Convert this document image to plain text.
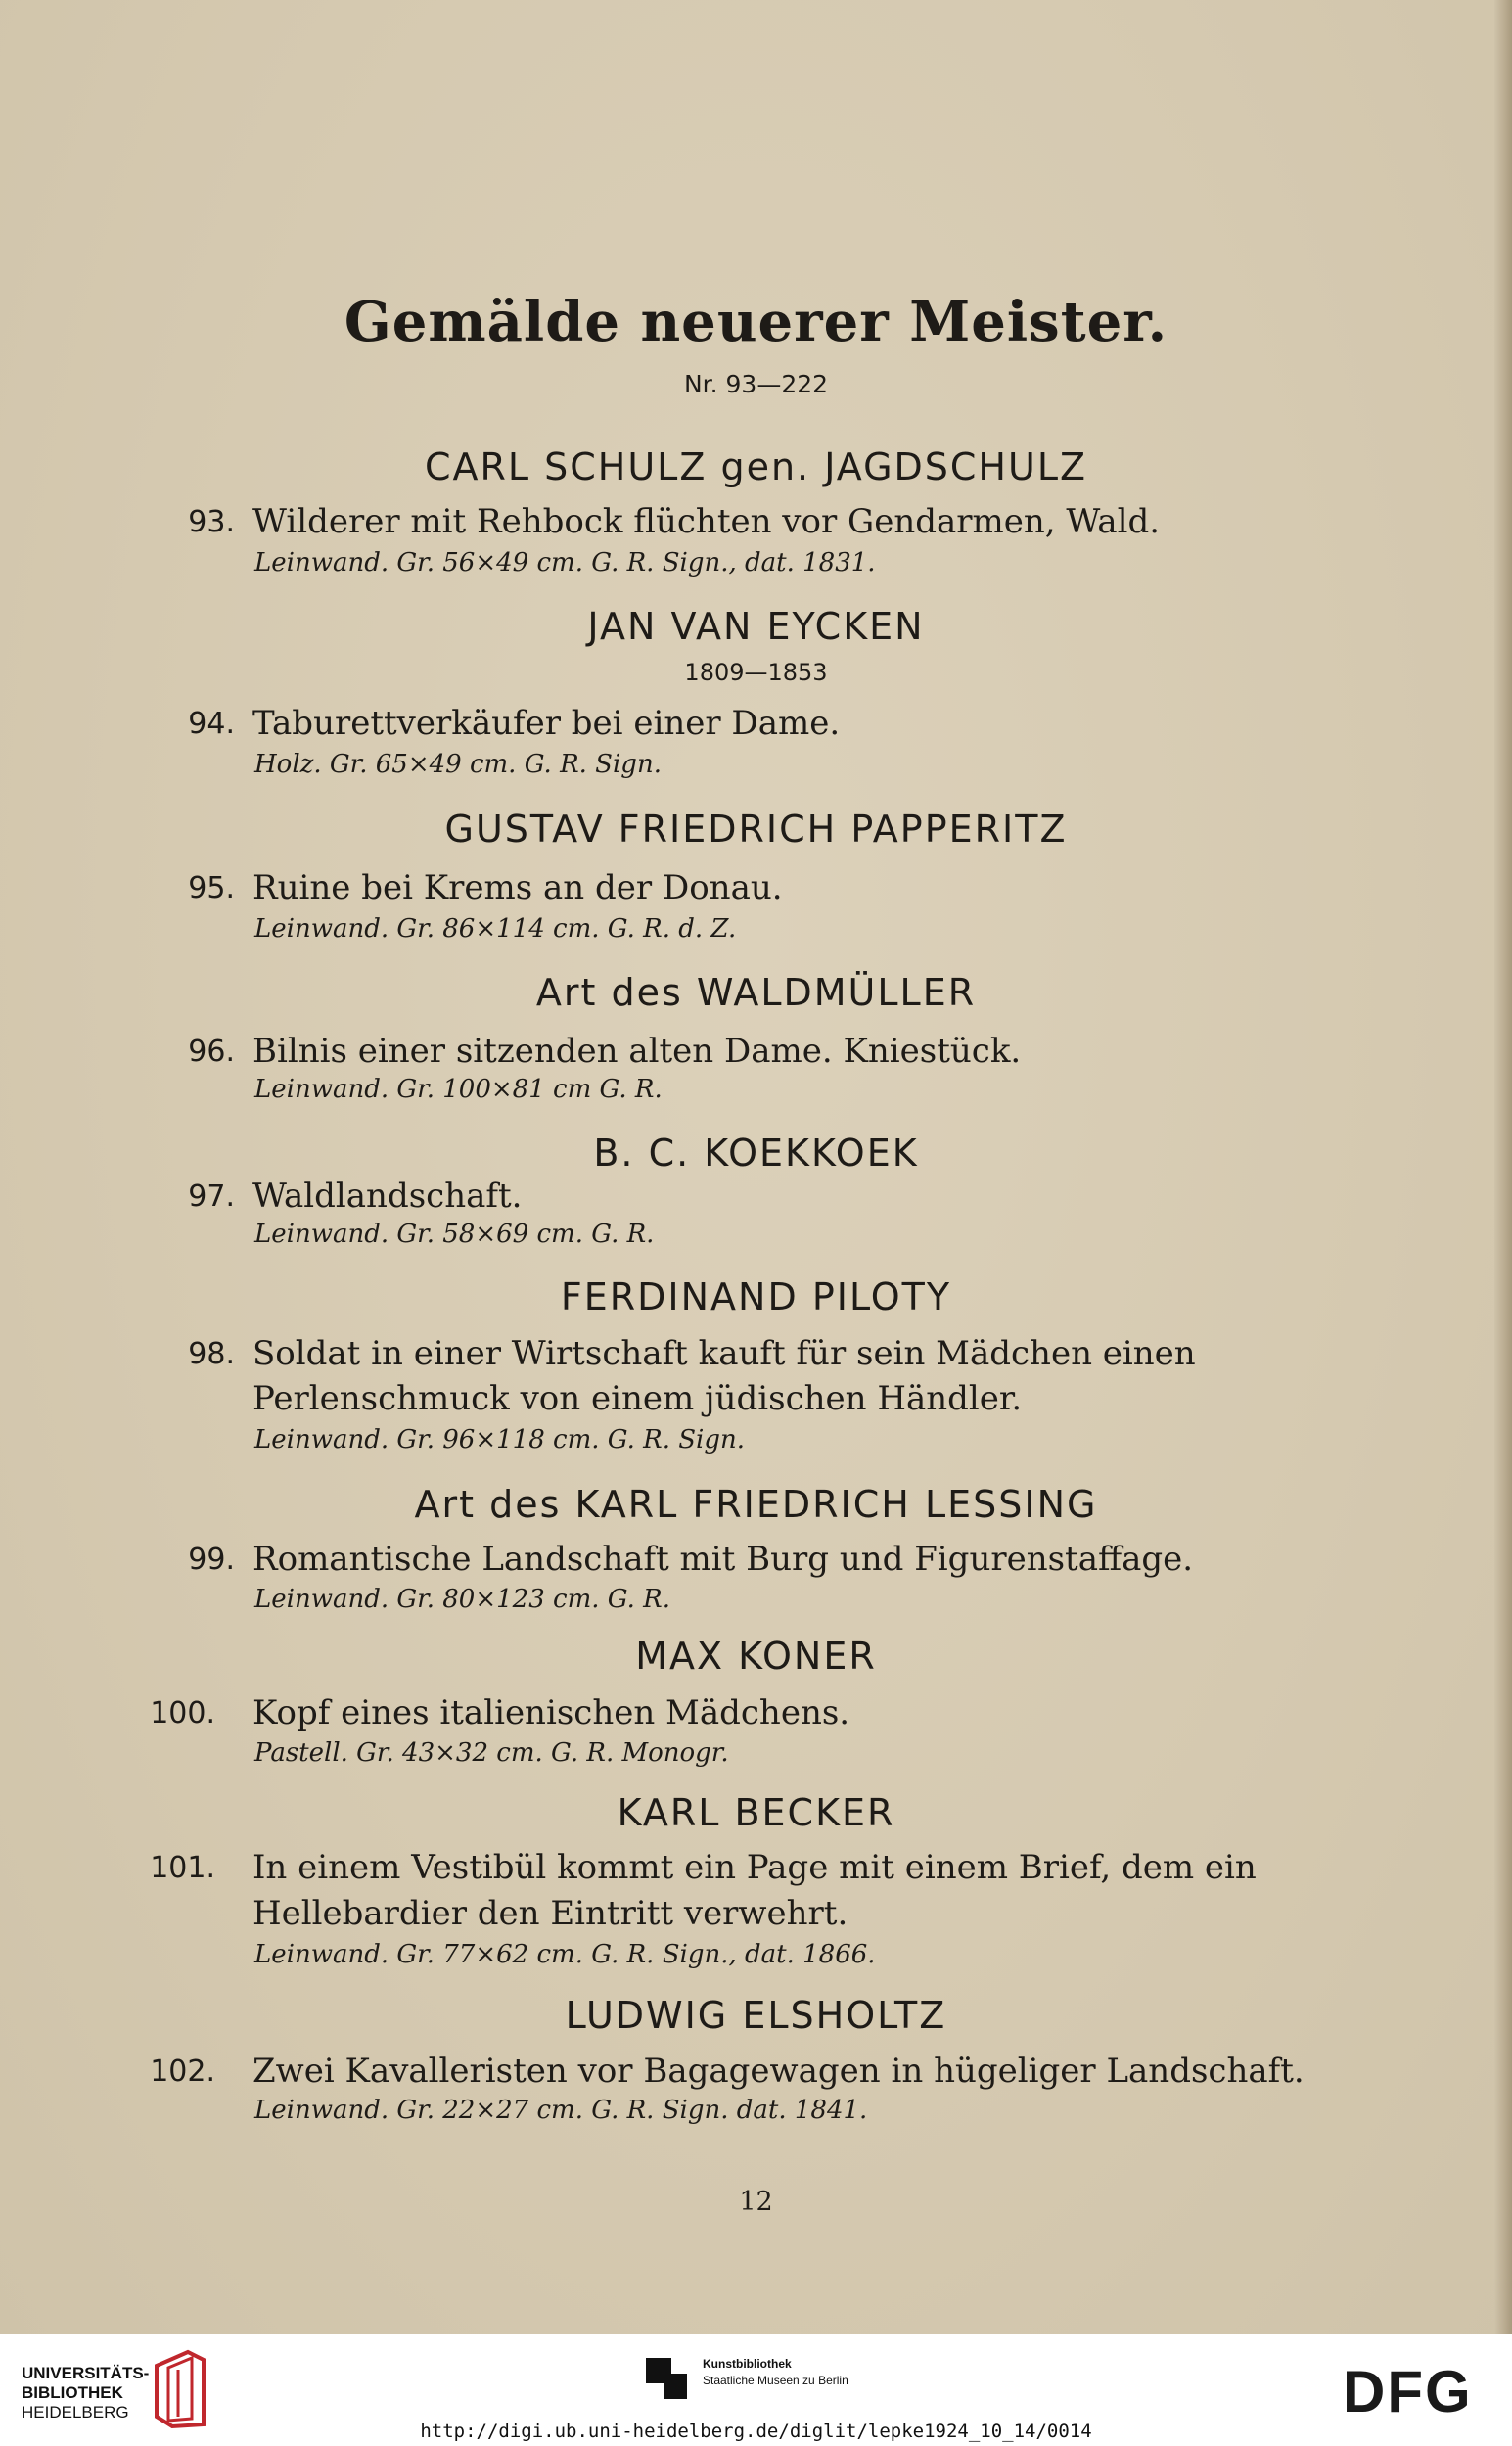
Gemälde neuerer Meister.
Nr. 93—222
CARL SCHULZ gen. JAGDSCHULZ
93. Wilderer mit Rehbock flüchten vor Gendarmen, Wald.
Leinwand. Gr. 56×49 cm. G. R. Sign., dat. 1831.
JAN VAN EYCKEN
1809—1853
94. Taburettverkäufer bei einer Dame.
Holz. Gr. 65×49 cm. G. R. Sign.
GUSTAV FRIEDRICH PAPPERITZ
95. Ruine bei Krems an der Donau.
Leinwand. Gr. 86×114 cm. G. R. d. Z.
Art des WALDMÜLLER
96. Bilnis einer sitzenden alten Dame. Kniestück.
Leinwand. Gr. 100×81 cm G. R.
B. C. KOEKKOEK
97. Waldlandschaft.
Leinwand. Gr. 58×69 cm. G. R.
FERDINAND PILOTY
98. Soldat in einer Wirtschaft kauft für sein Mädchen einen
Perlenschmuck von einem jüdischen Händler.
Leinwand. Gr. 96×118 cm. G. R. Sign.
Art des KARL FRIEDRICH LESSING
99. Romantische Landschaft mit Burg und Figurenstaffage.
Leinwand. Gr. 80×123 cm. G. R.
MAX KONER
100. Kopf eines italienischen Mädchens.
Pastell. Gr. 43×32 cm. G. R. Monogr.
KARL BECKER
101. In einem Vestibül kommt ein Page mit einem Brief, dem ein
Hellebardier den Eintritt verwehrt.
Leinwand. Gr. 77×62 cm. G. R. Sign., dat. 1866.
LUDWIG ELSHOLTZ
102. Zwei Kavalleristen vor Bagagewagen in hügeliger Landschaft.
Leinwand. Gr. 22×27 cm. G. R. Sign. dat. 1841.
12
UNIVERSITÄTS-
BIBLIOTHEK
HEIDELBERG
Kunstbibliothek
Staatliche Museen zu Berlin	DFG
http://digi.ub.uni-heidelberg.de/diglit/lepke1924_10_14/0014
